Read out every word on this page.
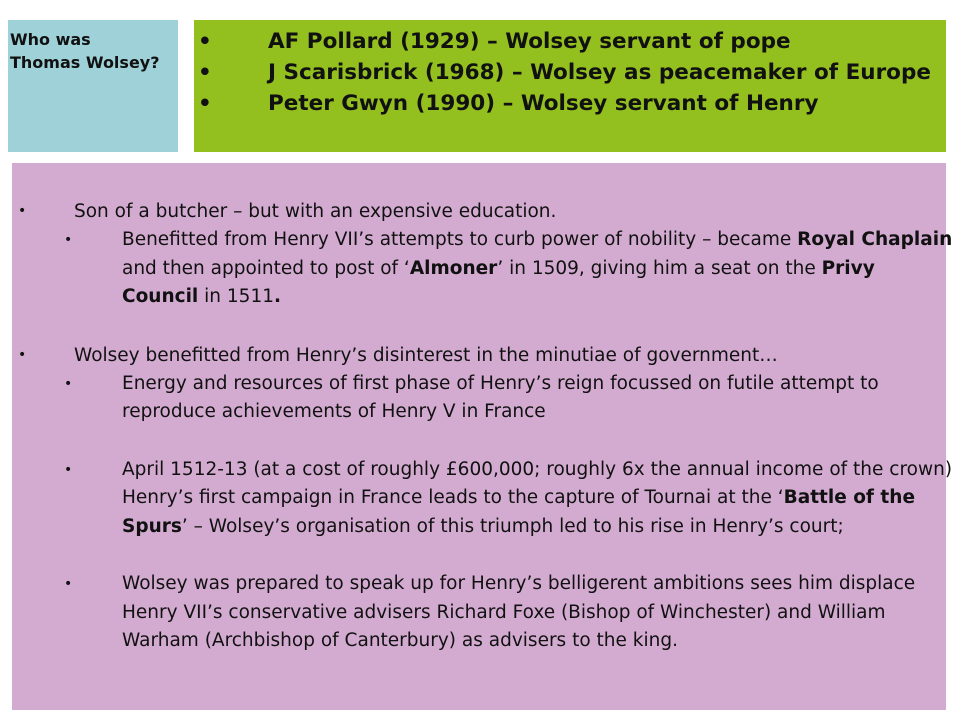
Who was Thomas Wolsey?
•	AF Pollard (1929) – Wolsey servant of pope
•	J Scarisbrick (1968) – Wolsey as peacemaker of Europe
•	Peter Gwyn (1990) – Wolsey servant of Henry

•	Son of a butcher – but with an expensive education.

•	Benefitted from Henry VII’s attempts to curb power of nobility – became Royal Chaplain and then appointed to post of ‘Almoner’ in 1509, giving him a seat on the Privy Council in 1511.

•	Wolsey benefitted from Henry’s disinterest in the minutiae of government…

•	Energy and resources of first phase of Henry’s reign focussed on futile attempt to reproduce achievements of Henry V in France

•	April 1512-13 (at a cost of roughly £600,000; roughly 6x the annual income of the crown) Henry’s first campaign in France leads to the capture of Tournai at the ‘Battle of the Spurs’ – Wolsey’s organisation of this triumph led to his rise in Henry’s court;

•	Wolsey was prepared to speak up for Henry’s belligerent ambitions sees him displace Henry VII’s conservative advisers Richard Foxe (Bishop of Winchester) and William Warham (Archbishop of Canterbury) as advisers to the king.
